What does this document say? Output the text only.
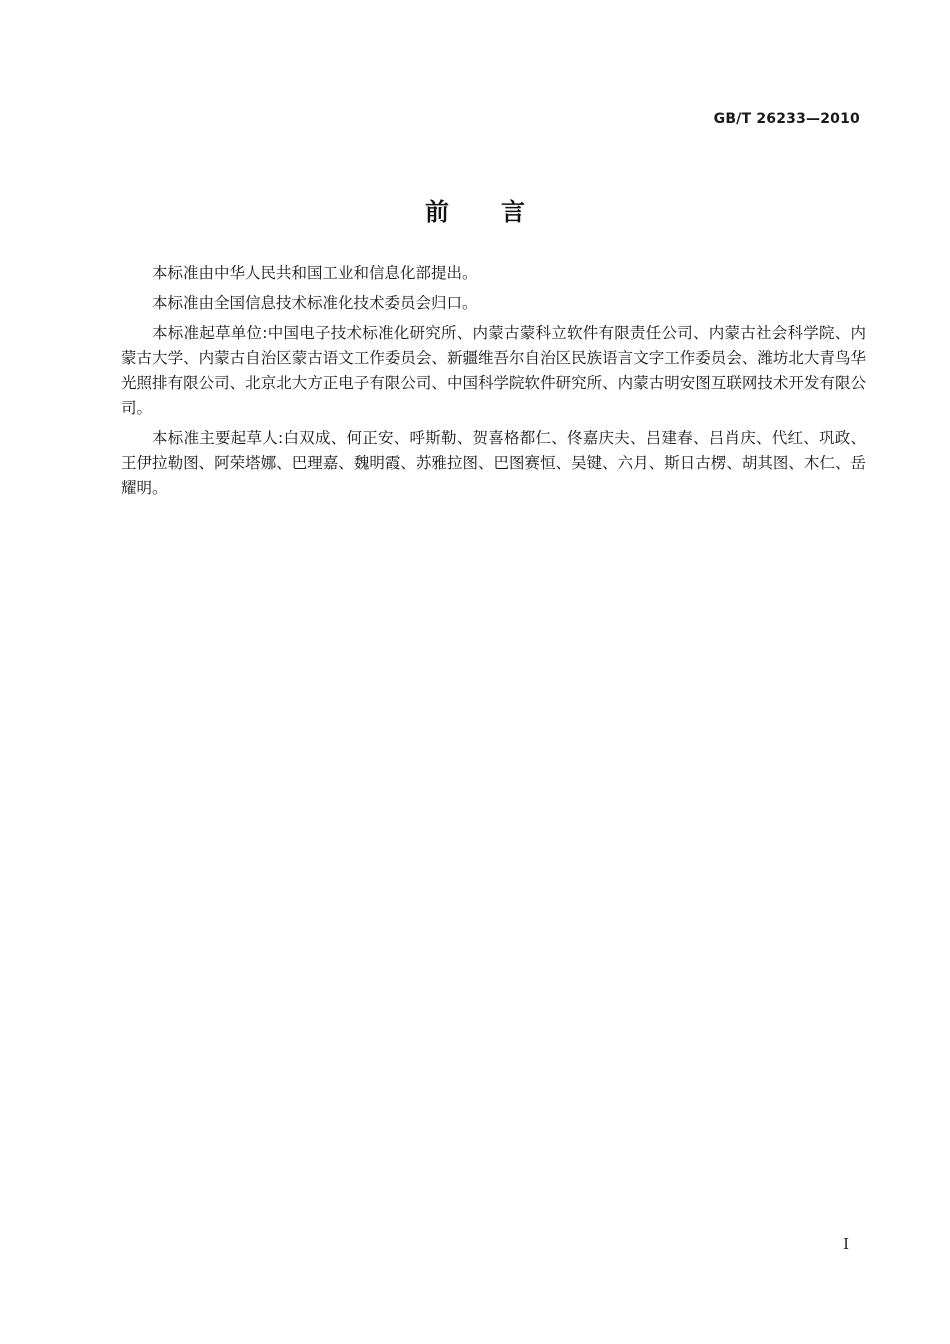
GB/T 26233—2010
前言

本标准由中华人民共和国工业和信息化部提出。

本标准由全国信息技术标准化技术委员会归口。

本标准起草单位:中国电子技术标准化研究所、内蒙古蒙科立软件有限责任公司、内蒙古社会科学院、内蒙古大学、内蒙古自治区蒙古语文工作委员会、新疆维吾尔自治区民族语言文字工作委员会、潍坊北大青鸟华光照排有限公司、北京北大方正电子有限公司、中国科学院软件研究所、内蒙古明安图互联网技术开发有限公司。

本标准主要起草人:白双成、何正安、呼斯勒、贺喜格都仁、佟嘉庆夫、吕建春、吕肖庆、代红、巩政、王伊拉勒图、阿荣塔娜、巴理嘉、魏明霞、苏雅拉图、巴图赛恒、吴键、六月、斯日古楞、胡其图、木仁、岳耀明。

I
